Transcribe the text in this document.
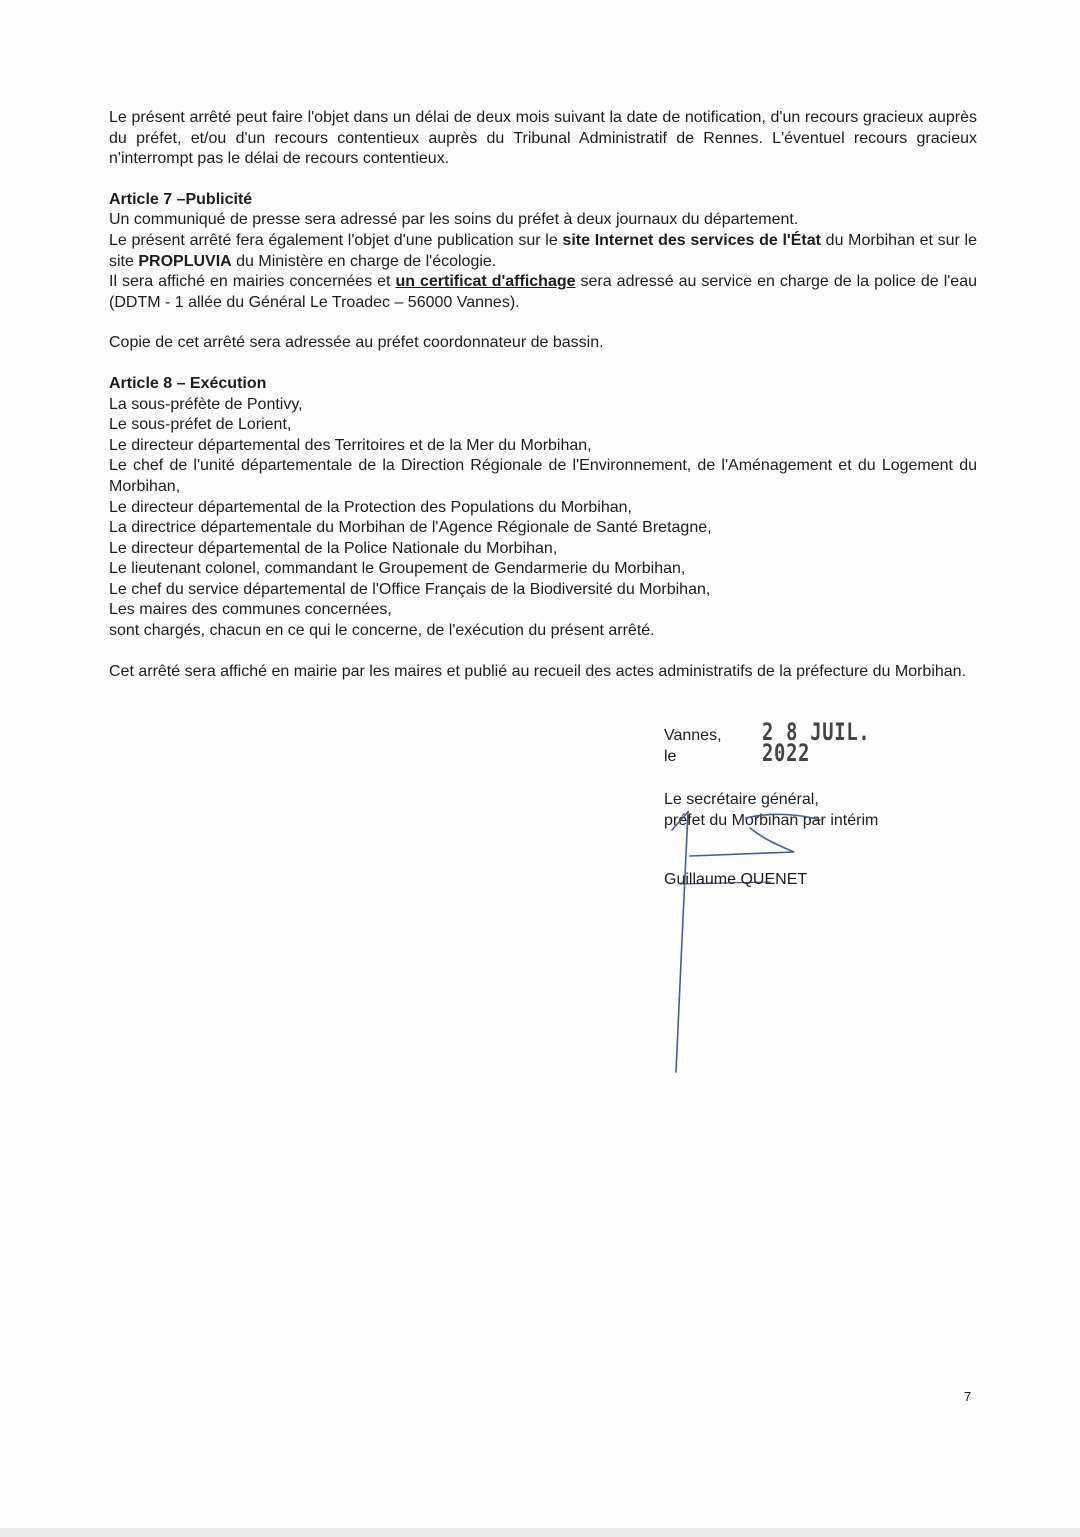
Le présent arrêté peut faire l'objet dans un délai de deux mois suivant la date de notification, d'un recours gracieux auprès du préfet, et/ou d'un recours contentieux auprès du Tribunal Administratif de Rennes. L'éventuel recours gracieux n'interrompt pas le délai de recours contentieux.

Article 7 –Publicité

Un communiqué de presse sera adressé par les soins du préfet à deux journaux du département.

Le présent arrêté fera également l'objet d'une publication sur le site Internet des services de l'État du Morbihan et sur le site PROPLUVIA du Ministère en charge de l'écologie.

Il sera affiché en mairies concernées et un certificat d'affichage sera adressé au service en charge de la police de l'eau (DDTM - 1 allée du Général Le Troadec – 56000 Vannes).

Copie de cet arrêté sera adressée au préfet coordonnateur de bassin.

Article 8 – Exécution

La sous-préfète de Pontivy,

Le sous-préfet de Lorient,

Le directeur départemental des Territoires et de la Mer du Morbihan,

Le chef de l'unité départementale de la Direction Régionale de l'Environnement, de l'Aménagement et du Logement du Morbihan,

Le directeur départemental de la Protection des Populations du Morbihan,

La directrice départementale du Morbihan de l'Agence Régionale de Santé Bretagne,

Le directeur départemental de la Police Nationale du Morbihan,

Le lieutenant colonel, commandant le Groupement de Gendarmerie du Morbihan,

Le chef du service départemental de l'Office Français de la Biodiversité du Morbihan,

Les maires des communes concernées,

sont chargés, chacun en ce qui le concerne, de l'exécution du présent arrêté.

Cet arrêté sera affiché en mairie par les maires et publié au recueil des actes administratifs de la préfecture du Morbihan.

Vannes, le
2 8 JUIL. 2022

Le secrétaire général,

préfet du Morbihan par intérim

Guillaume QUENET
7
